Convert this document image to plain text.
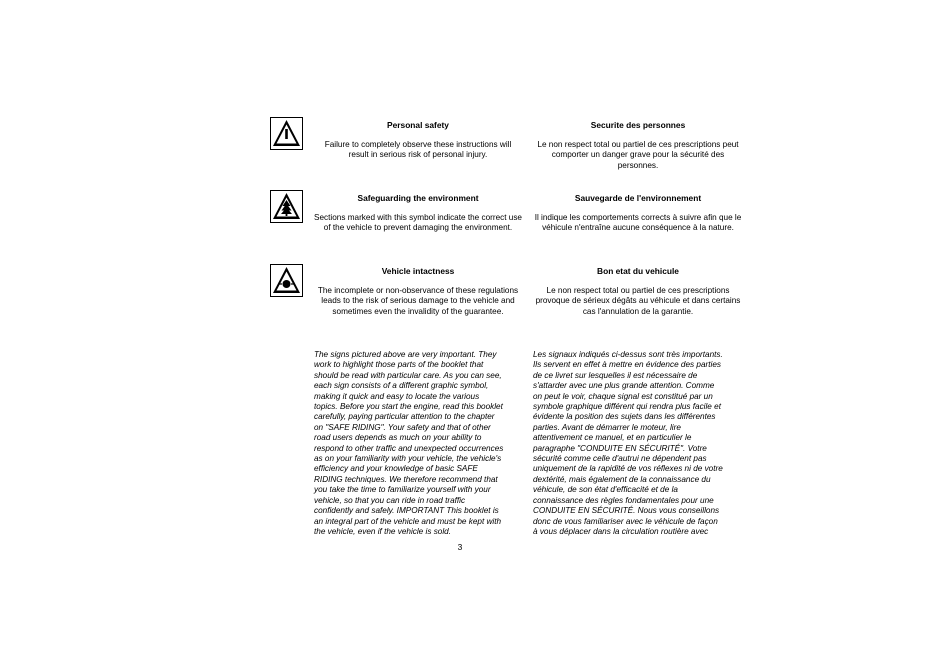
Personal safety
Failure to completely observe these instructions will result in serious risk of personal injury.
Securite des personnes
Le non respect total ou partiel de ces prescriptions peut comporter un danger grave pour la sécurité des personnes.
Safeguarding the environment
Sections marked with this symbol indicate the correct use of the vehicle to prevent damaging the environment.
Sauvegarde de l'environnement
Il indique les comportements corrects à suivre afin que le véhicule n'entraîne aucune conséquence à la nature.
Vehicle intactness
The incomplete or non-observance of these regulations leads to the risk of serious damage to the vehicle and sometimes even the invalidity of the guarantee.
Bon etat du vehicule
Le non respect total ou partiel de ces prescriptions provoque de sérieux dégâts au véhicule et dans certains cas l'annulation de la garantie.
The signs pictured above are very important. They
work to highlight those parts of the booklet that
should be read with particular care. As you can see,
each sign consists of a different graphic symbol,
making it quick and easy to locate the various
topics. Before you start the engine, read this booklet
carefully, paying particular attention to the chapter
on "SAFE RIDING". Your safety and that of other
road users depends as much on your ability to
respond to other traffic and unexpected occurrences
as on your familiarity with your vehicle, the vehicle's
efficiency and your knowledge of basic SAFE
RIDING techniques. We therefore recommend that
you take the time to familiarize yourself with your
vehicle, so that you can ride in road traffic
confidently and safely. IMPORTANT This booklet is
an integral part of the vehicle and must be kept with
the vehicle, even if the vehicle is sold.
Les signaux indiqués ci-dessus sont très importants.
Ils servent en effet à mettre en évidence des parties
de ce livret sur lesquelles il est nécessaire de
s'attarder avec une plus grande attention. Comme
on peut le voir, chaque signal est constitué par un
symbole graphique différent qui rendra plus facile et
évidente la position des sujets dans les différentes
parties. Avant de démarrer le moteur, lire
attentivement ce manuel, et en particulier le
paragraphe "CONDUITE EN SÉCURITÉ". Votre
sécurité comme celle d'autrui ne dépendent pas
uniquement de la rapidité de vos réflexes ni de votre
dextérité, mais également de la connaissance du
véhicule, de son état d'efficacité et de la
connaissance des règles fondamentales pour une
CONDUITE EN SÉCURITÉ. Nous vous conseillons
donc de vous familiariser avec le véhicule de façon
à vous déplacer dans la circulation routière avec
3
